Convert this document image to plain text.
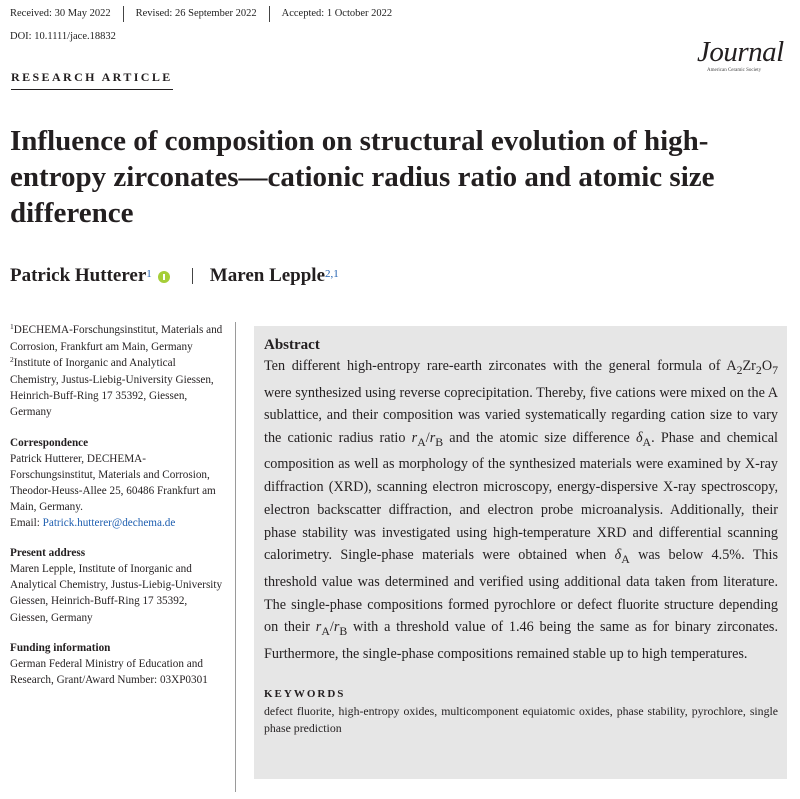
Received: 30 May 2022	Revised: 26 September 2022	Accepted: 1 October 2022
DOI: 10.1111/jace.18832	Journal
American Ceramic Society
RESEARCH ARTICLE
Influence of composition on structural evolution of high-entropy zirconates—cationic radius ratio and atomic size difference
Patrick Hutterer$^1$	Maren Lepple$^{2,1}$

$^1$DECHEMA-Forschungsinstitut, Materials and Corrosion, Frankfurt am Main, Germany

$^2$Institute of Inorganic and Analytical Chemistry, Justus-Liebig-University Giessen, Heinrich-Buff-Ring 17 35392, Giessen, Germany

Correspondence

Patrick Hutterer, DECHEMA-Forschungsinstitut, Materials and Corrosion, Theodor-Heuss-Allee 25, 60486 Frankfurt am Main, Germany.

Email: Patrick.hutterer@dechema.de

Present address

Maren Lepple, Institute of Inorganic and Analytical Chemistry, Justus-Liebig-University Giessen, Heinrich-Buff-Ring 17 35392, Giessen, Germany

Funding information

German Federal Ministry of Education and Research, Grant/Award Number: 03XP0301

Abstract

Ten different high-entropy rare-earth zirconates with the general formula of $A_2Zr_2O_7$ were synthesized using reverse coprecipitation. Thereby, five cations were mixed on the A sublattice, and their composition was varied systematically regarding cation size to vary the cationic radius ratio $r_A/r_B$ and the atomic size difference $\delta_A$. Phase and chemical composition as well as morphology of the synthesized materials were examined by X-ray diffraction (XRD), scanning electron microscopy, energy-dispersive X-ray spectroscopy, electron backscatter diffraction, and electron probe microanalysis. Additionally, their phase stability was investigated using high-temperature XRD and differential scanning calorimetry. Single-phase materials were obtained when $\delta_A$ was below 4.5%. This threshold value was determined and verified using additional data taken from literature. The single-phase compositions formed pyrochlore or defect fluorite structure depending on their $r_A/r_B$ with a threshold value of 1.46 being the same as for binary zirconates. Furthermore, the single-phase compositions remained stable up to high temperatures.

KEYWORDS

defect fluorite, high-entropy oxides, multicomponent equiatomic oxides, phase stability, pyrochlore, single phase prediction
